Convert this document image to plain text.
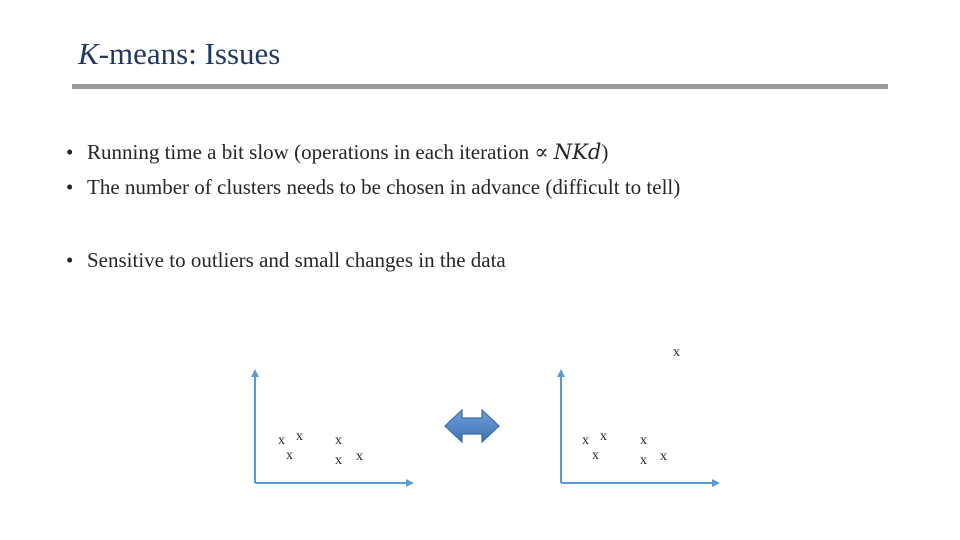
K-means: Issues
• Running time a bit slow (operations in each iteration ∝ NKd)
• The number of clusters needs to be chosen in advance (difficult to tell)
• Sensitive to outliers and small changes in the data
x x
x
x
x x
x x
x
x
x x
x
